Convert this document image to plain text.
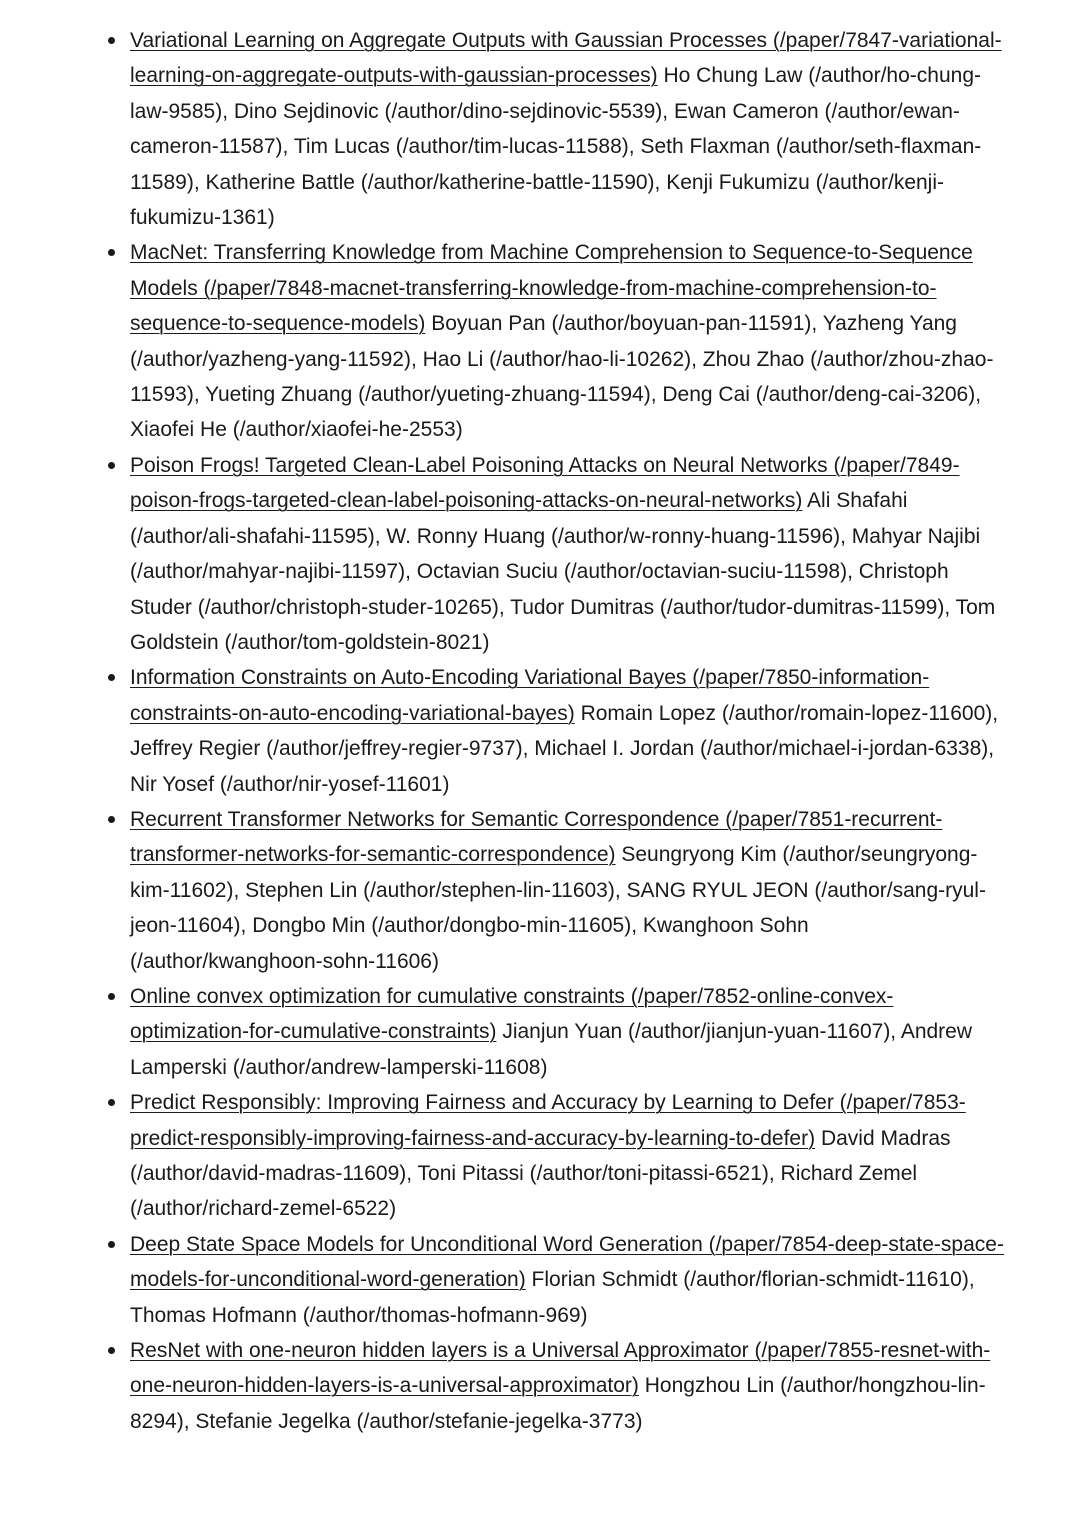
Variational Learning on Aggregate Outputs with Gaussian Processes (/paper/7847-variational-learning-on-aggregate-outputs-with-gaussian-processes) Ho Chung Law (/author/ho-chung-law-9585), Dino Sejdinovic (/author/dino-sejdinovic-5539), Ewan Cameron (/author/ewan-cameron-11587), Tim Lucas (/author/tim-lucas-11588), Seth Flaxman (/author/seth-flaxman-11589), Katherine Battle (/author/katherine-battle-11590), Kenji Fukumizu (/author/kenji-fukumizu-1361)
MacNet: Transferring Knowledge from Machine Comprehension to Sequence-to-Sequence Models (/paper/7848-macnet-transferring-knowledge-from-machine-comprehension-to-sequence-to-sequence-models) Boyuan Pan (/author/boyuan-pan-11591), Yazheng Yang (/author/yazheng-yang-11592), Hao Li (/author/hao-li-10262), Zhou Zhao (/author/zhou-zhao-11593), Yueting Zhuang (/author/yueting-zhuang-11594), Deng Cai (/author/deng-cai-3206), Xiaofei He (/author/xiaofei-he-2553)
Poison Frogs! Targeted Clean-Label Poisoning Attacks on Neural Networks (/paper/7849-poison-frogs-targeted-clean-label-poisoning-attacks-on-neural-networks) Ali Shafahi (/author/ali-shafahi-11595), W. Ronny Huang (/author/w-ronny-huang-11596), Mahyar Najibi (/author/mahyar-najibi-11597), Octavian Suciu (/author/octavian-suciu-11598), Christoph Studer (/author/christoph-studer-10265), Tudor Dumitras (/author/tudor-dumitras-11599), Tom Goldstein (/author/tom-goldstein-8021)
Information Constraints on Auto-Encoding Variational Bayes (/paper/7850-information-constraints-on-auto-encoding-variational-bayes) Romain Lopez (/author/romain-lopez-11600), Jeffrey Regier (/author/jeffrey-regier-9737), Michael I. Jordan (/author/michael-i-jordan-6338), Nir Yosef (/author/nir-yosef-11601)
Recurrent Transformer Networks for Semantic Correspondence (/paper/7851-recurrent-transformer-networks-for-semantic-correspondence) Seungryong Kim (/author/seungryong-kim-11602), Stephen Lin (/author/stephen-lin-11603), SANG RYUL JEON (/author/sang-ryul-jeon-11604), Dongbo Min (/author/dongbo-min-11605), Kwanghoon Sohn (/author/kwanghoon-sohn-11606)
Online convex optimization for cumulative constraints (/paper/7852-online-convex-optimization-for-cumulative-constraints) Jianjun Yuan (/author/jianjun-yuan-11607), Andrew Lamperski (/author/andrew-lamperski-11608)
Predict Responsibly: Improving Fairness and Accuracy by Learning to Defer (/paper/7853-predict-responsibly-improving-fairness-and-accuracy-by-learning-to-defer) David Madras (/author/david-madras-11609), Toni Pitassi (/author/toni-pitassi-6521), Richard Zemel (/author/richard-zemel-6522)
Deep State Space Models for Unconditional Word Generation (/paper/7854-deep-state-space-models-for-unconditional-word-generation) Florian Schmidt (/author/florian-schmidt-11610), Thomas Hofmann (/author/thomas-hofmann-969)
ResNet with one-neuron hidden layers is a Universal Approximator (/paper/7855-resnet-with-one-neuron-hidden-layers-is-a-universal-approximator) Hongzhou Lin (/author/hongzhou-lin-8294), Stefanie Jegelka (/author/stefanie-jegelka-3773)
